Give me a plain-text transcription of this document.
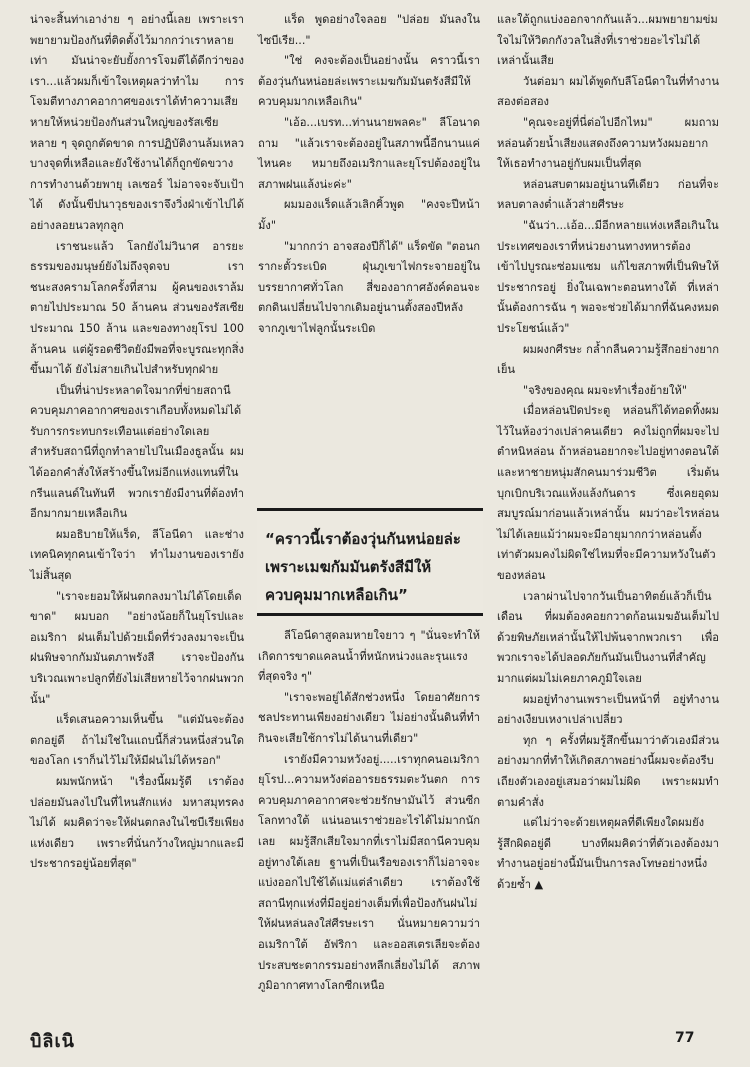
น่าจะสิ้นท่าเอาง่าย ๆ อย่างนี้เลย เพราะเราพยายามป้องกันที่ติดตั้งไว้มากกว่าเราหลายเท่า มันน่าจะยับยั้งการโจมตีได้ดีกว่าของเรา...แล้วผมก็เข้าใจเหตุผลว่าทำไม การโจมตีทางภาคอากาศของเราได้ทำความเสียหายให้หน่วยป้องกันส่วนใหญ่ของรัสเซีย หลาย ๆ จุดถูกตัดขาด การปฏิบัติงานล้มเหลว บางจุดที่เหลือและยังใช้งานได้ก็ถูกขัดขวางการทำงานด้วยพายุ เลเซอร์ ไม่อาจจะจับเป้าได้ ดังนั้นขีปนาวุธของเราจึงวิ่งฝ่าเข้าไปได้อย่างลอยนวลทุกลูก

เราชนะแล้ว โลกยังไม่วินาศ อารยะธรรมของมนุษย์ยังไม่ถึงจุดจบ เราชนะสงครามโลกครั้งที่สาม ผู้คนของเราล้มตายไปประมาณ 50 ล้านคน ส่วนของรัสเซียประมาณ 150 ล้าน และของทางยุโรป 100 ล้านคน แต่ผู้รอดชีวิตยังมีพอที่จะบูรณะทุกสิ่งขึ้นมาได้ ยังไม่สายเกินไปสำหรับทุกฝ่าย

เป็นที่น่าประหลาดใจมากที่ข่ายสถานีควบคุมภาคอากาศของเราเกือบทั้งหมดไม่ได้รับการกระทบกระเทือนแต่อย่างใดเลย สำหรับสถานีที่ถูกทำลายไปในเมืองธูลนั้น ผมได้ออกคำสั่งให้สร้างขึ้นใหม่อีกแห่งแทนที่ในกรีนแลนด์ในทันที พวกเรายังมีงานที่ต้องทำอีกมากมายเหลือเกิน

ผมอธิบายให้แร็ด, ลีโอนีดา และช่างเทคนิคทุกคนเข้าใจว่า ทำไมงานของเรายังไม่สิ้นสุด

"เราจะยอมให้ฝนตกลงมาไม่ได้โดยเด็ดขาด" ผมบอก "อย่างน้อยก็ในยุโรปและอเมริกา ฝนเต็มไปด้วยเม็ดที่ร่วงลงมาจะเป็นฝนพิษจากกัมมันตภาพรังสี เราจะป้องกันบริเวณเพาะปลูกที่ยังไม่เสียหายไว้จากฝนพวกนั้น"

แร็ดเสนอความเห็นขึ้น "แต่มันจะต้องตกอยู่ดี ถ้าไม่ใช่ในแถบนี้ก็ส่วนหนึ่งส่วนใดของโลก เราก็นไว้ไม่ให้มีฝนไม่ได้หรอก"

ผมพนักหน้า "เรื่องนี้ผมรู้ดี เราต้องปล่อยมันลงไปในที่ไหนสักแห่ง มหาสมุทรคงไม่ได้ ผมคิดว่าจะให้ฝนตกลงในไซบีเรียเพียงแห่งเดียว เพราะที่นั่นกว้างใหญ่มากและมีประชากรอยู่น้อยที่สุด"

แร็ด พูดอย่างใจลอย "ปล่อย มันลงในไซบีเรีย..."

"ใช่ คงจะต้องเป็นอย่างนั้น คราวนี้เราต้องวุ่นกันหน่อยล่ะเพราะเมฆกัมมันตรังสีมีให้ควบคุมมากเหลือเกิน"

"เอ้อ...เบรท...ท่านนายพลคะ" ลีโอนาดถาม "แล้วเราจะต้องอยู่ในสภาพนี้อีกนานแค่ไหนคะ หมายถึงอเมริกาและยุโรปต้องอยู่ในสภาพฝนแล้งน่ะค่ะ"

ผมมองแร็ดแล้วเลิกคิ้วพูด "คงจะปีหน้ามั้ง"

"มากกว่า อาจสองปีก็ได้" แร็ดขัด "ตอนกรากะตั้วระเบิด ฝุ่นภูเขาไฟกระจายอยู่ในบรรยากาศทั่วโลก สี่ของอากาศอังค์ดอนจะตกดินเปลี่ยนไปจากเดิมอยู่นานตั้งสองปีหลังจากภูเขาไฟลูกนั้นระเบิด

“คราวนี้เราต้องวุ่นกันหน่อยล่ะ เพราะเมฆกัมมันตรังสีมีให้ควบคุมมากเหลือเกิน”

ลีโอนีดาสูดลมหายใจยาว ๆ "นั่นจะทำให้เกิดการขาดแคลนน้ำที่หนักหน่วงและรุนแรงที่สุดจริง ๆ"

"เราจะพอยู่ได้สักช่วงหนึ่ง โดยอาศัยการชลประทานเพียงอย่างเดียว ไม่อย่างนั้นดินที่ทำกินจะเสียใช้การไม่ได้นานที่เดียว"

เรายังมีความหวังอยู่.....เราทุกคนอเมริกา ยุโรป...ความหวังต่ออารยธรรมตะวันตก การควบคุมภาคอากาศจะช่วยรักษามันไว้ ส่วนซีกโลกทางใต้ แน่นอนเราช่วยอะไรได้ไม่มากนักเลย ผมรู้สึกเสียใจมากที่เราไม่มีสถานีควบคุมอยู่ทางใต้เลย ฐานที่เป็นเรือของเราก็ไม่อาจจะแบ่งออกไปใช้ได้แม่แต่ลำเดียว เราต้องใช้สถานีทุกแห่งที่มีอยู่อย่างเต็มที่เพื่อป้องกันฝนไม่ให้ฝนหล่นลงใส่ศีรษะเรา นั่นหมายความว่าอเมริกาใต้ อัฟริกา และออสเตรเลียจะต้องประสบชะตากรรมอย่างหลีกเลี่ยงไม่ได้ สภาพภูมิอากาศทางโลกซีกเหนือ

และใต้ถูกแบ่งออกจากกันแล้ว...ผมพยายามข่มใจไม่ให้วิตกกังวลในสิ่งที่เราช่วยอะไรไม่ได้เหล่านั้นเสีย

วันต่อมา ผมได้พูดกับลีโอนีดาในที่ทำงานสองต่อสอง

"คุณจะอยู่ที่นี่ต่อไปอีกไหม" ผมถามหล่อนด้วยน้ำเสียงแสดงถึงความหวังผมอยากให้เธอทำงานอยู่กับผมเป็นที่สุด

หล่อนสบตาผมอยู่นานทีเดียว ก่อนที่จะหลบตาลงต่ำแล้วส่ายศีรษะ

"ฉันว่า...เอ้อ...มีอีกหลายแห่งเหลือเกินในประเทศของเราที่หน่วยงานทางทหารต้องเข้าไปบูรณะซ่อมแซม แก้ไขสภาพที่เป็นพิษให้ประชากรอยู่ ยิ่งในเฉพาะตอนทางใต้ ที่เหล่านั้นต้องการฉัน ๆ พอจะช่วยได้มากที่ฉันคงหมดประโยชน์แล้ว"

ผมผงกศีรษะ กล้ำกลืนความรู้สึกอย่างยากเย็น

"จริงของคุณ ผมจะทำเรื่องย้ายให้"

เมื่อหล่อนปิดประตู หล่อนก็ได้ทอดทิ้งผมไว้ในห้องว่างเปล่าคนเดียว คงไม่ถูกที่ผมจะไปตำหนิหล่อน ถ้าหล่อนอยากจะไปอยู่ทางตอนใต้และหาชายหนุ่มสักคนมาร่วมชีวิต เริ่มต้นบุกเบิกบริเวณแห้งแล้งกันดาร ซึ่งเคยอุดมสมบูรณ์มาก่อนแล้วเหล่านั้น ผมว่าอะไรหล่อนไม่ได้เลยแม้ว่าผมจะมีอายุมากกว่าหล่อนตั้งเท่าตัวผมคงไม่ผิดใช่ไหมที่จะมีความหวังในตัวของหล่อน

เวลาผ่านไปจากวันเป็นอาทิตย์แล้วก็เป็นเดือน ที่ผมต้องคอยกวาดก้อนเมฆอันเต็มไปด้วยพิษภัยเหล่านั้นให้ไปพ้นจากพวกเรา เพื่อพวกเราจะได้ปลอดภัยกันมันเป็นงานที่สำคัญมากแต่ผมไม่เคยภาคภูมิใจเลย

ผมอยู่ทำงานเพราะเป็นหน้าที่ อยู่ทำงานอย่างเงียบเหงาเปล่าเปลี่ยว

ทุก ๆ ครั้งที่ผมรู้สึกขึ้นมาว่าตัวเองมีส่วนอย่างมากที่ทำให้เกิดสภาพอย่างนี้ผมจะต้องรีบเถียงตัวเองอยู่เสมอว่าผมไม่ผิด เพราะผมทำตามคำสั่ง

แต่ไม่ว่าจะด้วยเหตุผลที่ดีเพียงใดผมยังรู้สึกผิดอยู่ดี บางทีผมคิดว่าที่ตัวเองต้องมาทำงานอยู่อย่างนี้มันเป็นการลงโทษอย่างหนึ่งด้วยซ้ำ ▲

บิลิเนิ	77
